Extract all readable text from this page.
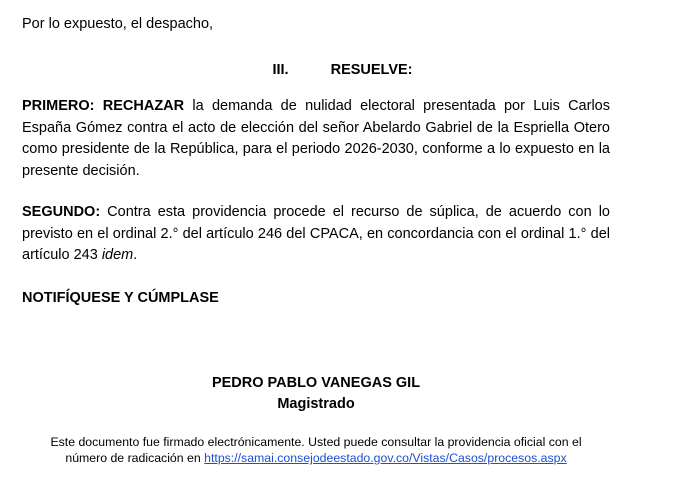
Por lo expuesto, el despacho,
III.	RESUELVE:
PRIMERO: RECHAZAR la demanda de nulidad electoral presentada por Luis Carlos España Gómez contra el acto de elección del señor Abelardo Gabriel de la Espriella Otero como presidente de la República, para el periodo 2026-2030, conforme a lo expuesto en la presente decisión.
SEGUNDO: Contra esta providencia procede el recurso de súplica, de acuerdo con lo previsto en el ordinal 2.° del artículo 246 del CPACA, en concordancia con el ordinal 1.° del artículo 243 idem.
NOTIFÍQUESE Y CÚMPLASE
PEDRO PABLO VANEGAS GIL
Magistrado
Este documento fue firmado electrónicamente. Usted puede consultar la providencia oficial con el
número de radicación en https://samai.consejodeestado.gov.co/Vistas/Casos/procesos.aspx
